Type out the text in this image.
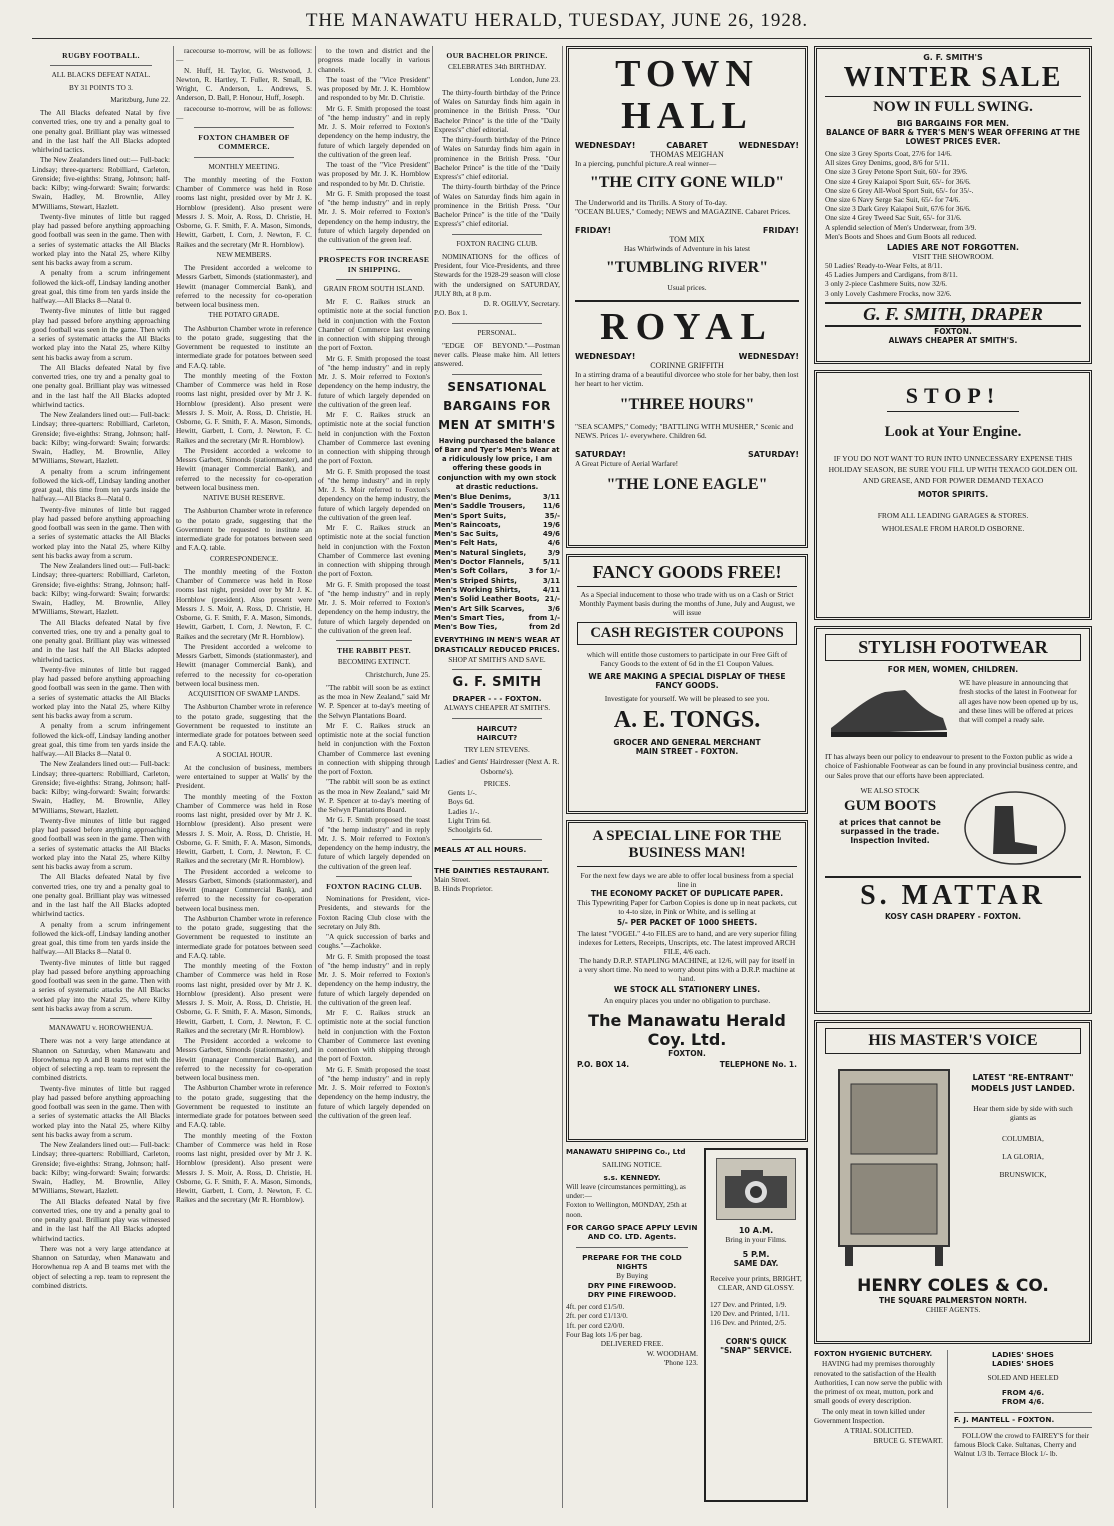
THE MANAWATU HERALD, TUESDAY, JUNE 26, 1928.
RUGBY FOOTBALL.
ALL BLACKS DEFEAT NATAL.
BY 31 POINTS TO 3.
Maritzburg, June 22.

The All Blacks defeated Natal by five converted tries, one try and a penalty goal to one penalty goal. Brilliant play was witnessed and in the last half the All Blacks adopted whirlwind tactics.

The New Zealanders lined out:— Full-back: Lindsay; three-quarters: Robilliard, Carleton, Grenside; five-eighths: Strang, Johnson; half-back: Kilby; wing-forward: Swain; forwards: Swain, Hadley, M. Brownlie, Alley M'Williams, Stewart, Hazlett.

Twenty-five minutes of little but ragged play had passed before anything approaching good football was seen in the game. Then with a series of systematic attacks the All Blacks worked play into the Natal 25, where Kilby sent his backs away from a scrum.

A penalty from a scrum infringement followed the kick-off, Lindsay landing another great goal, this time from ten yards inside the halfway.—All Blacks 8—Natal 0.

Twenty-five minutes of little but ragged play had passed before anything approaching good football was seen in the game. Then with a series of systematic attacks the All Blacks worked play into the Natal 25, where Kilby sent his backs away from a scrum.

The All Blacks defeated Natal by five converted tries, one try and a penalty goal to one penalty goal. Brilliant play was witnessed and in the last half the All Blacks adopted whirlwind tactics.

The New Zealanders lined out:— Full-back: Lindsay; three-quarters: Robilliard, Carleton, Grenside; five-eighths: Strang, Johnson; half-back: Kilby; wing-forward: Swain; forwards: Swain, Hadley, M. Brownlie, Alley M'Williams, Stewart, Hazlett.

A penalty from a scrum infringement followed the kick-off, Lindsay landing another great goal, this time from ten yards inside the halfway.—All Blacks 8—Natal 0.

Twenty-five minutes of little but ragged play had passed before anything approaching good football was seen in the game. Then with a series of systematic attacks the All Blacks worked play into the Natal 25, where Kilby sent his backs away from a scrum.

The New Zealanders lined out:— Full-back: Lindsay; three-quarters: Robilliard, Carleton, Grenside; five-eighths: Strang, Johnson; half-back: Kilby; wing-forward: Swain; forwards: Swain, Hadley, M. Brownlie, Alley M'Williams, Stewart, Hazlett.

The All Blacks defeated Natal by five converted tries, one try and a penalty goal to one penalty goal. Brilliant play was witnessed and in the last half the All Blacks adopted whirlwind tactics.

Twenty-five minutes of little but ragged play had passed before anything approaching good football was seen in the game. Then with a series of systematic attacks the All Blacks worked play into the Natal 25, where Kilby sent his backs away from a scrum.

A penalty from a scrum infringement followed the kick-off, Lindsay landing another great goal, this time from ten yards inside the halfway.—All Blacks 8—Natal 0.

The New Zealanders lined out:— Full-back: Lindsay; three-quarters: Robilliard, Carleton, Grenside; five-eighths: Strang, Johnson; half-back: Kilby; wing-forward: Swain; forwards: Swain, Hadley, M. Brownlie, Alley M'Williams, Stewart, Hazlett.

Twenty-five minutes of little but ragged play had passed before anything approaching good football was seen in the game. Then with a series of systematic attacks the All Blacks worked play into the Natal 25, where Kilby sent his backs away from a scrum.

The All Blacks defeated Natal by five converted tries, one try and a penalty goal to one penalty goal. Brilliant play was witnessed and in the last half the All Blacks adopted whirlwind tactics.

A penalty from a scrum infringement followed the kick-off, Lindsay landing another great goal, this time from ten yards inside the halfway.—All Blacks 8—Natal 0.

Twenty-five minutes of little but ragged play had passed before anything approaching good football was seen in the game. Then with a series of systematic attacks the All Blacks worked play into the Natal 25, where Kilby sent his backs away from a scrum.

MANAWATU v. HOROWHENUA.

There was not a very large attendance at Shannon on Saturday, when Manawatu and Horowhenua rep A and B teams met with the object of selecting a rep. team to represent the combined districts.

Twenty-five minutes of little but ragged play had passed before anything approaching good football was seen in the game. Then with a series of systematic attacks the All Blacks worked play into the Natal 25, where Kilby sent his backs away from a scrum.

The New Zealanders lined out:— Full-back: Lindsay; three-quarters: Robilliard, Carleton, Grenside; five-eighths: Strang, Johnson; half-back: Kilby; wing-forward: Swain; forwards: Swain, Hadley, M. Brownlie, Alley M'Williams, Stewart, Hazlett.

The All Blacks defeated Natal by five converted tries, one try and a penalty goal to one penalty goal. Brilliant play was witnessed and in the last half the All Blacks adopted whirlwind tactics.

There was not a very large attendance at Shannon on Saturday, when Manawatu and Horowhenua rep A and B teams met with the object of selecting a rep. team to represent the combined districts.

racecourse to-morrow, will be as follows:—

N. Huff, H. Taylor, G. Westwood, J. Newton, R. Hartley, T. Fuller, R. Small, B. Wright, C. Anderson, L. Andrews, S. Anderson, D. Ball, P. Honour, Huff, Joseph.

racecourse to-morrow, will be as follows:—

FOXTON CHAMBER OF COMMERCE.
MONTHLY MEETING.

The monthly meeting of the Foxton Chamber of Commerce was held in Rose rooms last night, presided over by Mr J. K. Hornblow (president). Also present were Messrs J. S. Moir, A. Ross, D. Christie, H. Osborne, G. F. Smith, F. A. Mason, Simonds, Hewitt, Garbett, I. Corn, J. Newton, F. C. Raikes and the secretary (Mr R. Hornblow).

NEW MEMBERS.

The President accorded a welcome to Messrs Garbett, Simonds (stationmaster), and Hewitt (manager Commercial Bank), and referred to the necessity for co-operation between local business men.

THE POTATO GRADE.

The Ashburton Chamber wrote in reference to the potato grade, suggesting that the Government be requested to institute an intermediate grade for potatoes between seed and F.A.Q. table.

The monthly meeting of the Foxton Chamber of Commerce was held in Rose rooms last night, presided over by Mr J. K. Hornblow (president). Also present were Messrs J. S. Moir, A. Ross, D. Christie, H. Osborne, G. F. Smith, F. A. Mason, Simonds, Hewitt, Garbett, I. Corn, J. Newton, F. C. Raikes and the secretary (Mr R. Hornblow).

The President accorded a welcome to Messrs Garbett, Simonds (stationmaster), and Hewitt (manager Commercial Bank), and referred to the necessity for co-operation between local business men.

NATIVE BUSH RESERVE.

The Ashburton Chamber wrote in reference to the potato grade, suggesting that the Government be requested to institute an intermediate grade for potatoes between seed and F.A.Q. table.

CORRESPONDENCE.

The monthly meeting of the Foxton Chamber of Commerce was held in Rose rooms last night, presided over by Mr J. K. Hornblow (president). Also present were Messrs J. S. Moir, A. Ross, D. Christie, H. Osborne, G. F. Smith, F. A. Mason, Simonds, Hewitt, Garbett, I. Corn, J. Newton, F. C. Raikes and the secretary (Mr R. Hornblow).

The President accorded a welcome to Messrs Garbett, Simonds (stationmaster), and Hewitt (manager Commercial Bank), and referred to the necessity for co-operation between local business men.

ACQUISITION OF SWAMP LANDS.

The Ashburton Chamber wrote in reference to the potato grade, suggesting that the Government be requested to institute an intermediate grade for potatoes between seed and F.A.Q. table.

A SOCIAL HOUR.

At the conclusion of business, members were entertained to supper at Walls' by the President.

The monthly meeting of the Foxton Chamber of Commerce was held in Rose rooms last night, presided over by Mr J. K. Hornblow (president). Also present were Messrs J. S. Moir, A. Ross, D. Christie, H. Osborne, G. F. Smith, F. A. Mason, Simonds, Hewitt, Garbett, I. Corn, J. Newton, F. C. Raikes and the secretary (Mr R. Hornblow).

The President accorded a welcome to Messrs Garbett, Simonds (stationmaster), and Hewitt (manager Commercial Bank), and referred to the necessity for co-operation between local business men.

The Ashburton Chamber wrote in reference to the potato grade, suggesting that the Government be requested to institute an intermediate grade for potatoes between seed and F.A.Q. table.

The monthly meeting of the Foxton Chamber of Commerce was held in Rose rooms last night, presided over by Mr J. K. Hornblow (president). Also present were Messrs J. S. Moir, A. Ross, D. Christie, H. Osborne, G. F. Smith, F. A. Mason, Simonds, Hewitt, Garbett, I. Corn, J. Newton, F. C. Raikes and the secretary (Mr R. Hornblow).

The President accorded a welcome to Messrs Garbett, Simonds (stationmaster), and Hewitt (manager Commercial Bank), and referred to the necessity for co-operation between local business men.

The Ashburton Chamber wrote in reference to the potato grade, suggesting that the Government be requested to institute an intermediate grade for potatoes between seed and F.A.Q. table.

The monthly meeting of the Foxton Chamber of Commerce was held in Rose rooms last night, presided over by Mr J. K. Hornblow (president). Also present were Messrs J. S. Moir, A. Ross, D. Christie, H. Osborne, G. F. Smith, F. A. Mason, Simonds, Hewitt, Garbett, I. Corn, J. Newton, F. C. Raikes and the secretary (Mr R. Hornblow).

to the town and district and the progress made locally in various channels.

The toast of the "Vice President" was proposed by Mr. J. K. Hornblow and responded to by Mr. D. Christie.

Mr G. F. Smith proposed the toast of "the hemp industry" and in reply Mr. J. S. Moir referred to Foxton's dependency on the hemp industry, the future of which largely depended on the cultivation of the green leaf.

The toast of the "Vice President" was proposed by Mr. J. K. Hornblow and responded to by Mr. D. Christie.

Mr G. F. Smith proposed the toast of "the hemp industry" and in reply Mr. J. S. Moir referred to Foxton's dependency on the hemp industry, the future of which largely depended on the cultivation of the green leaf.

PROSPECTS FOR INCREASE IN SHIPPING.
GRAIN FROM SOUTH ISLAND.

Mr F. C. Raikes struck an optimistic note at the social function held in conjunction with the Foxton Chamber of Commerce last evening in connection with shipping through the port of Foxton.

Mr G. F. Smith proposed the toast of "the hemp industry" and in reply Mr. J. S. Moir referred to Foxton's dependency on the hemp industry, the future of which largely depended on the cultivation of the green leaf.

Mr F. C. Raikes struck an optimistic note at the social function held in conjunction with the Foxton Chamber of Commerce last evening in connection with shipping through the port of Foxton.

Mr G. F. Smith proposed the toast of "the hemp industry" and in reply Mr. J. S. Moir referred to Foxton's dependency on the hemp industry, the future of which largely depended on the cultivation of the green leaf.

Mr F. C. Raikes struck an optimistic note at the social function held in conjunction with the Foxton Chamber of Commerce last evening in connection with shipping through the port of Foxton.

Mr G. F. Smith proposed the toast of "the hemp industry" and in reply Mr. J. S. Moir referred to Foxton's dependency on the hemp industry, the future of which largely depended on the cultivation of the green leaf.

THE RABBIT PEST.
BECOMING EXTINCT.
Christchurch, June 25.

"The rabbit will soon be as extinct as the moa in New Zealand," said Mr W. P. Spencer at to-day's meeting of the Selwyn Plantations Board.

Mr F. C. Raikes struck an optimistic note at the social function held in conjunction with the Foxton Chamber of Commerce last evening in connection with shipping through the port of Foxton.

"The rabbit will soon be as extinct as the moa in New Zealand," said Mr W. P. Spencer at to-day's meeting of the Selwyn Plantations Board.

Mr G. F. Smith proposed the toast of "the hemp industry" and in reply Mr. J. S. Moir referred to Foxton's dependency on the hemp industry, the future of which largely depended on the cultivation of the green leaf.

FOXTON RACING CLUB.

Nominations for President, vice-Presidents, and stewards for the Foxton Racing Club close with the secretary on July 8th.

"A quick succession of barks and coughs."—Zachokke.

Mr G. F. Smith proposed the toast of "the hemp industry" and in reply Mr. J. S. Moir referred to Foxton's dependency on the hemp industry, the future of which largely depended on the cultivation of the green leaf.

Mr F. C. Raikes struck an optimistic note at the social function held in conjunction with the Foxton Chamber of Commerce last evening in connection with shipping through the port of Foxton.

Mr G. F. Smith proposed the toast of "the hemp industry" and in reply Mr. J. S. Moir referred to Foxton's dependency on the hemp industry, the future of which largely depended on the cultivation of the green leaf.

OUR BACHELOR PRINCE.
CELEBRATES 34th BIRTHDAY.
London, June 23.

The thirty-fourth birthday of the Prince of Wales on Saturday finds him again in prominence in the British Press. "Our Bachelor Prince" is the title of the "Daily Express's" chief editorial.

The thirty-fourth birthday of the Prince of Wales on Saturday finds him again in prominence in the British Press. "Our Bachelor Prince" is the title of the "Daily Express's" chief editorial.

The thirty-fourth birthday of the Prince of Wales on Saturday finds him again in prominence in the British Press. "Our Bachelor Prince" is the title of the "Daily Express's" chief editorial.

FOXTON RACING CLUB.

NOMINATIONS for the offices of President, four Vice-Presidents, and three Stewards for the 1928-29 season will close with the undersigned on SATURDAY, JULY 8th, at 8 p.m.

D. R. OGILVY, Secretary.
P.O. Box 1.
PERSONAL.

"EDGE OF BEYOND."—Postman never calls. Please make him. All letters answered.

SENSATIONAL
BARGAINS FOR
MEN AT SMITH'S

Having purchased the balance of Barr and Tyer's Men's Wear at a ridiculously low price, I am offering these goods in conjunction with my own stock at drastic reductions.

Men's Blue Denims,	3/11
Men's Saddle Trousers,	11/6
Men's Sport Suits,	35/-
Men's Raincoats,	19/6
Men's Sac Suits,	49/6
Men's Felt Hats,	4/6
Men's Natural Singlets,	3/9
Men's Doctor Flannels,	5/11
Men's Soft Collars,	3 for 1/-
Men's Striped Shirts,	3/11
Men's Working Shirts,	4/11
Men's Solid Leather Boots, 21/-
Men's Art Silk Scarves,	3/6
Men's Smart Ties,	from 1/-
Men's Bow Ties,	from 2d
EVERYTHING IN MEN'S WEAR AT DRASTICALLY REDUCED PRICES.
SHOP AT SMITH'S AND SAVE.
G. F. SMITH
DRAPER - - - FOXTON.
ALWAYS CHEAPER AT SMITH'S.
HAIRCUT?
HAIRCUT?
TRY LEN STEVENS.

Ladies' and Gents' Hairdresser (Next A. R. Osborne's).

PRICES.
Gents 1/-.
Boys 6d.
Ladies 1/-.
Light Trim 6d.
Schoolgirls 6d.
MEALS AT ALL HOURS.
THE DAINTIES RESTAURANT.
Main Street.
B. Hinds Proprietor.
TOWN HALL
WEDNESDAY!	CABARET	WEDNESDAY!
THOMAS MEIGHAN
In a piercing, punchful picture.A real winner—
"THE CITY GONE WILD"
The Underworld and its Thrills. A Story of To-day.
"OCEAN BLUES," Comedy; NEWS and MAGAZINE. Cabaret Prices.
FRIDAY!	FRIDAY!
TOM MIX
Has Whirlwinds of Adventure in his latest
"TUMBLING RIVER"
Usual prices.
ROYAL
WEDNESDAY!	WEDNESDAY!
CORINNE GRIFFITH
In a stirring drama of a beautiful divorcee who stole for her baby, then lost her heart to her victim.
"THREE HOURS"
"SEA SCAMPS," Comedy; "BATTLING WITH MUSHER," Scenic and NEWS. Prices 1/- everywhere. Children 6d.
SATURDAY!	SATURDAY!
A Great Picture of Aerial Warfare!
"THE LONE EAGLE"
FANCY GOODS FREE!
As a Special inducement to those who trade with us on a Cash or Strict Monthly Payment basis during the months of June, July and August, we will issue
CASH REGISTER COUPONS
which will entitle those customers to participate in our Free Gift of Fancy Goods to the extent of 6d in the £1 Coupon Values.
WE ARE MAKING A SPECIAL DISPLAY OF THESE FANCY GOODS.
Investigate for yourself. We will be pleased to see you.
A. E. TONGS.
GROCER AND GENERAL MERCHANT
MAIN STREET - FOXTON.
A SPECIAL LINE FOR THE
BUSINESS MAN!
For the next few days we are able to offer local business from a special line in
THE ECONOMY PACKET OF DUPLICATE PAPER.
This Typewriting Paper for Carbon Copies is done up in neat packets, cut to 4-to size, in Pink or White, and is selling at
5/- PER PACKET OF 1000 SHEETS.
The latest "VOGEL" 4-to FILES are to hand, and are very superior filing indexes for Letters, Receipts, Unscripts, etc. The latest improved ARCH FILE, 4/6 each.
The handy D.R.P. STAPLING MACHINE, at 12/6, will pay for itself in a very short time. No need to worry about pins with a D.R.P. machine at hand.
WE STOCK ALL STATIONERY LINES.
An enquiry places you under no obligation to purchase.
The Manawatu Herald Coy. Ltd.
FOXTON.
P.O. BOX 14.	TELEPHONE No. 1.
MANAWATU SHIPPING Co., Ltd
SAILING NOTICE.
s.s. KENNEDY.
Will leave (circumstances permitting), as under:—
Foxton to Wellington, MONDAY, 25th at noon.
FOR CARGO SPACE APPLY LEVIN AND CO. LTD. Agents.
PREPARE FOR THE COLD NIGHTS
By Buying
DRY PINE FIREWOOD.
DRY PINE FIREWOOD.
4ft. per cord £1/5/0.
2ft. per cord £1/13/0.
1ft. per cord £2/0/0.
Four Bag lots 1/6 per bag.
DELIVERED FREE.
W. WOODHAM.
'Phone 123.
10 A.M.
Bring in your Films.
5 P.M.
SAME DAY.
Receive your prints, BRIGHT, CLEAR, AND GLOSSY.
127 Dev. and Printed, 1/9.
120 Dev. and Printed, 1/11.
116 Dev. and Printed, 2/5.
CORN'S QUICK "SNAP" SERVICE.
G. F. SMITH'S
WINTER SALE
NOW IN FULL SWING.
BIG BARGAINS FOR MEN.
BALANCE OF BARR & TYER'S MEN'S WEAR OFFERING AT THE LOWEST PRICES EVER.
One size 3 Grey Sports Coat, 27/6 for 14/6.
All sizes Grey Denims, good, 8/6 for 5/11.
One size 3 Grey Petone Sport Suit, 60/- for 39/6.
One size 4 Grey Kaiapoi Sport Suit, 65/- for 36/6.
One size 6 Grey All-Wool Sport Suit, 65/- for 35/-.
One size 6 Navy Serge Sac Suit, 65/- for 74/6.
One size 3 Dark Grey Kaiapoi Suit, 67/6 for 36/6.
One size 4 Grey Tweed Sac Suit, 65/- for 31/6.
A splendid selection of Men's Underwear, from 3/9.
Men's Boots and Shoes and Gum Boots all reduced.
LADIES ARE NOT FORGOTTEN.
VISIT THE SHOWROOM.
50 Ladies' Ready-to-Wear Felts, at 8/11.
45 Ladies Jumpers and Cardigans, from 8/11.
3 only 2-piece Cashmere Suits, now 32/6.
3 only Lovely Cashmere Frocks, now 32/6.
G. F. SMITH, DRAPER
FOXTON.
ALWAYS CHEAPER AT SMITH'S.
STOP!
Look at Your Engine.
IF YOU DO NOT WANT TO RUN INTO UNNECESSARY EXPENSE THIS HOLIDAY SEASON, BE SURE YOU FILL UP WITH TEXACO GOLDEN OIL AND GREASE, AND FOR POWER DEMAND TEXACO
MOTOR SPIRITS.
FROM ALL LEADING GARAGES & STORES.
WHOLESALE FROM HAROLD OSBORNE.
STYLISH FOOTWEAR
FOR MEN, WOMEN, CHILDREN.
WE have pleasure in announcing that fresh stocks of the latest in Footwear for all ages have now been opened up by us, and these lines will be offered at prices that will compel a ready sale.
IT has always been our policy to endeavour to present to the Foxton public as wide a choice of Fashionable Footwear as can be found in any provincial business centre, and our Sales prove that our efforts have been appreciated.
WE ALSO STOCK
GUM BOOTS
at prices that cannot be surpassed in the trade. Inspection Invited.
S. MATTAR
KOSY CASH DRAPERY - FOXTON.
HIS MASTER'S VOICE
LATEST "RE-ENTRANT" MODELS JUST LANDED.
Hear them side by side with such giants as
COLUMBIA,
LA GLORIA,
BRUNSWICK,
HENRY COLES & CO.
THE SQUARE PALMERSTON NORTH.
CHIEF AGENTS.
FOXTON HYGIENIC BUTCHERY.

HAVING had my premises thoroughly renovated to the satisfaction of the Health Authorities, I can now serve the public with the primest of ox meat, mutton, pork and small goods of every description.

The only meat in town killed under Government Inspection.

A TRIAL SOLICITED.
BRUCE G. STEWART.
LADIES' SHOES
LADIES' SHOES
SOLED AND HEELED
FROM 4/6.
FROM 4/6.
F. J. MANTELL - FOXTON.

FOLLOW the crowd to FAIREY'S for their famous Block Cake. Sultanas, Cherry and Walnut 1/3 lb. Terrace Block 1/- lb.
